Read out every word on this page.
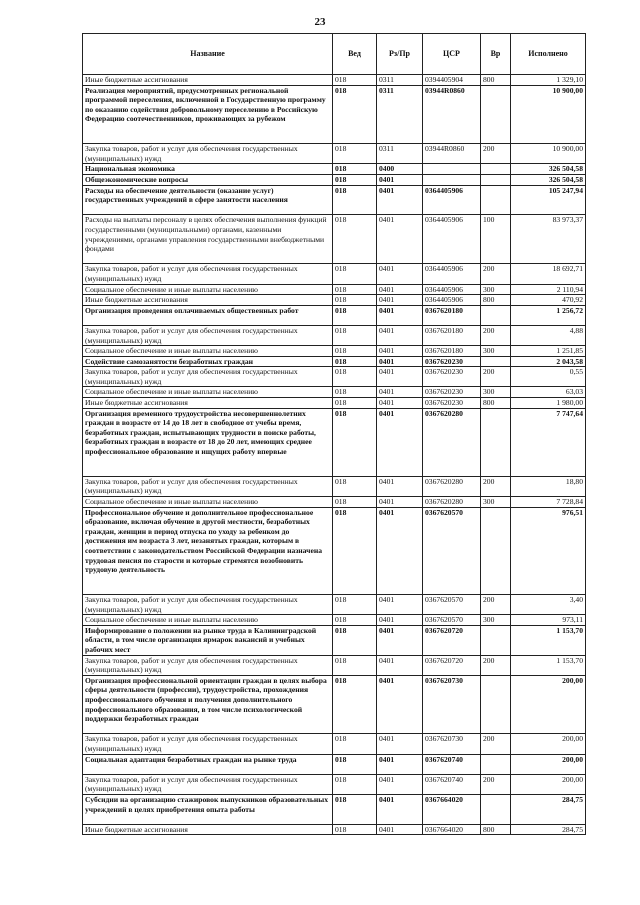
23
Название	Вед	Рз/Пр	ЦСР	Вр	Исполнено
Иные бюджетные ассигнования	018	0311	0394405904	800	1 329,10
Реализация мероприятий, предусмотренных региональной программой переселения, включенной в Государственную программу по оказанию содействия добровольному переселению в Российскую Федерацию соотечественников, проживающих за рубежом	018	0311	03944R0860		10 900,00
Закупка товаров, работ и услуг для обеспечения государственных (муниципальных) нужд	018	0311	03944R0860	200	10 900,00
Национальная экономика	018	0400			326 504,58
Общеэкономические вопросы	018	0401			326 504,58
Расходы на обеспечение деятельности (оказание услуг) государственных учреждений в сфере занятости населения	018	0401	0364405906		105 247,94
Расходы на выплаты персоналу в целях обеспечения выполнения функций государственными (муниципальными) органами, казенными учреждениями, органами управления государственными внебюджетными фондами	018	0401	0364405906	100	83 973,37
Закупка товаров, работ и услуг для обеспечения государственных (муниципальных) нужд	018	0401	0364405906	200	18 692,71
Социальное обеспечение и иные выплаты населению	018	0401	0364405906	300	2 110,94
Иные бюджетные ассигнования	018	0401	0364405906	800	470,92
Организация проведения оплачиваемых общественных работ	018	0401	0367620180		1 256,72
Закупка товаров, работ и услуг для обеспечения государственных (муниципальных) нужд	018	0401	0367620180	200	4,88
Социальное обеспечение и иные выплаты населению	018	0401	0367620180	300	1 251,85
Содействие самозанятости безработных граждан	018	0401	0367620230		2 043,58
Закупка товаров, работ и услуг для обеспечения государственных (муниципальных) нужд	018	0401	0367620230	200	0,55
Социальное обеспечение и иные выплаты населению	018	0401	0367620230	300	63,03
Иные бюджетные ассигнования	018	0401	0367620230	800	1 980,00
Организация временного трудоустройства несовершеннолетних граждан в возрасте от 14 до 18 лет в свободное от учебы время, безработных граждан, испытывающих трудности в поиске работы, безработных граждан в возрасте от 18 до 20 лет, имеющих среднее профессиональное образование и ищущих работу впервые	018	0401	0367620280		7 747,64
Закупка товаров, работ и услуг для обеспечения государственных (муниципальных) нужд	018	0401	0367620280	200	18,80
Социальное обеспечение и иные выплаты населению	018	0401	0367620280	300	7 728,84
Профессиональное обучение и дополнительное профессиональное образование, включая обучение в другой местности, безработных граждан, женщин в период отпуска по уходу за ребенком до достижения им возраста 3 лет, незанятых граждан, которым в соответствии с законодательством Российской Федерации назначена трудовая пенсия по старости и которые стремятся возобновить трудовую деятельность	018	0401	0367620570		976,51
Закупка товаров, работ и услуг для обеспечения государственных (муниципальных) нужд	018	0401	0367620570	200	3,40
Социальное обеспечение и иные выплаты населению	018	0401	0367620570	300	973,11
Информирование о положении на рынке труда в Калининградской области, в том числе организация ярмарок вакансий и учебных рабочих мест	018	0401	0367620720		1 153,70
Закупка товаров, работ и услуг для обеспечения государственных (муниципальных) нужд	018	0401	0367620720	200	1 153,70
Организация профессиональной ориентации граждан в целях выбора сферы деятельности (профессии), трудоустройства, прохождения профессионального обучения и получения дополнительного профессионального образования, в том числе психологической поддержки безработных граждан	018	0401	0367620730		200,00
Закупка товаров, работ и услуг для обеспечения государственных (муниципальных) нужд	018	0401	0367620730	200	200,00
Социальная адаптация безработных граждан на рынке труда	018	0401	0367620740		200,00
Закупка товаров, работ и услуг для обеспечения государственных (муниципальных) нужд	018	0401	0367620740	200	200,00
Субсидии на организацию стажировок выпускников образовательных учреждений в целях приобретения опыта работы	018	0401	0367664020		284,75
Иные бюджетные ассигнования	018	0401	0367664020	800	284,75
